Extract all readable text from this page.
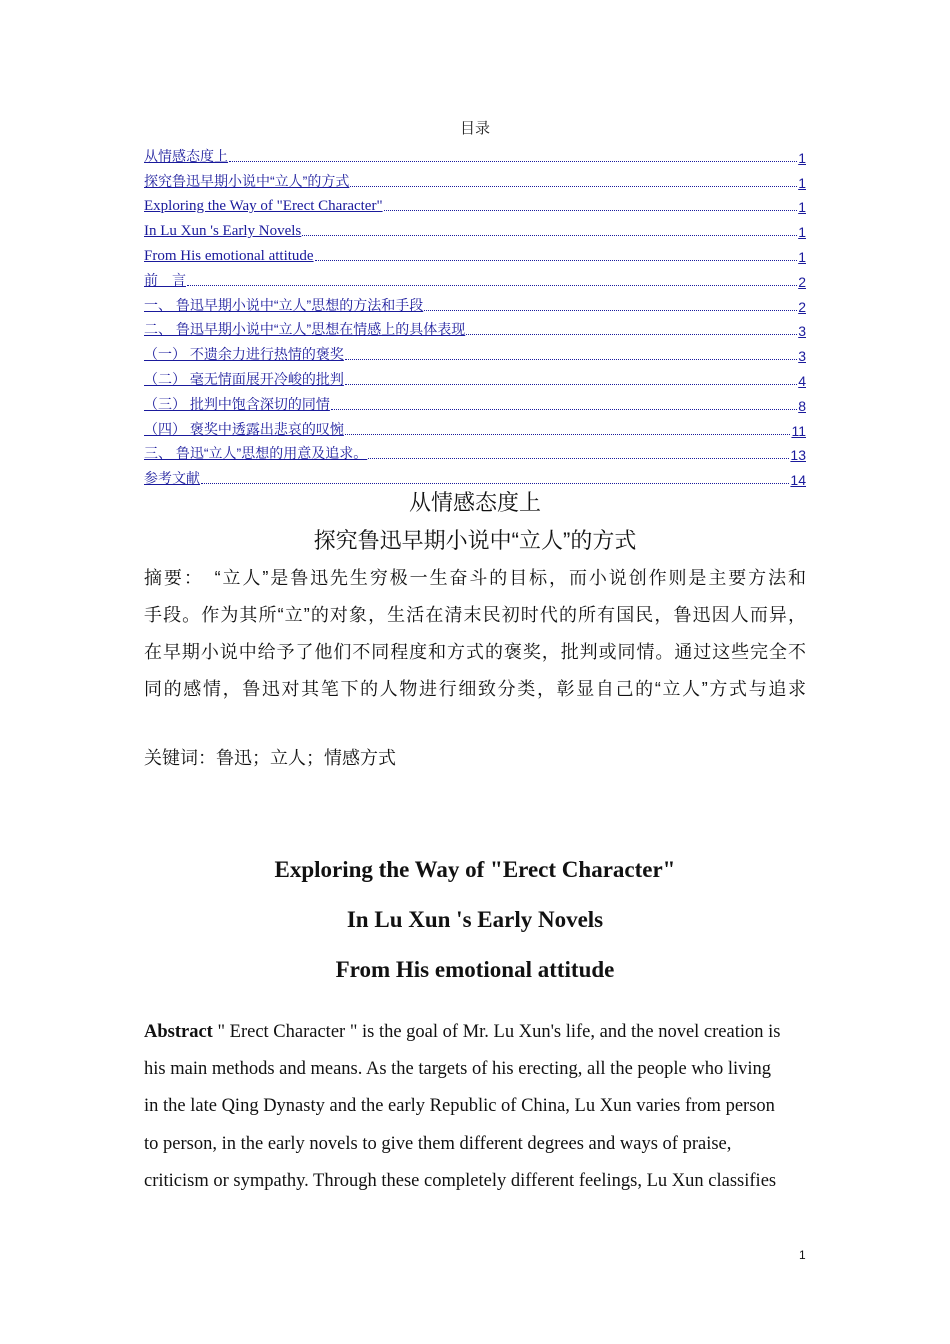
目录
从情感态度上	1
探究鲁迅早期小说中“立人”的方式	1
Exploring the Way of "Erect Character"	1
In Lu Xun 's Early Novels	1
From His emotional attitude	1
前　言	2
一、 鲁迅早期小说中“立人”思想的方法和手段	2
二、 鲁迅早期小说中“立人”思想在情感上的具体表现	3
（一） 不遗余力进行热情的褒奖	3
（二） 毫无情面展开冷峻的批判	4
（三） 批判中饱含深切的同情	8
（四） 褒奖中透露出悲哀的叹惋	11
三、 鲁迅“立人”思想的用意及追求。	13
参考文献	14
从情感态度上
探究鲁迅早期小说中“立人”的方式
摘要：　“立人”是鲁迅先生穷极一生奋斗的目标，而小说创作则是主要方法和
手段。作为其所“立”的对象，生活在清末民初时代的所有国民，鲁迅因人而异，
在早期小说中给予了他们不同程度和方式的褒奖，批判或同情。通过这些完全不
同的感情，鲁迅对其笔下的人物进行细致分类，彰显自己的“立人”方式与追求
关键词：鲁迅；立人；情感方式
Exploring the Way of "Erect Character"
In Lu Xun 's Early Novels
From His emotional attitude
Abstract " Erect Character " is the goal of Mr. Lu Xun's life, and the novel creation is
his main methods and means. As the targets of his erecting, all the people who living
in the late Qing Dynasty and the early Republic of China, Lu Xun varies from person
to person, in the early novels to give them different degrees and ways of praise,
criticism or sympathy. Through these completely different feelings, Lu Xun classifies
1
